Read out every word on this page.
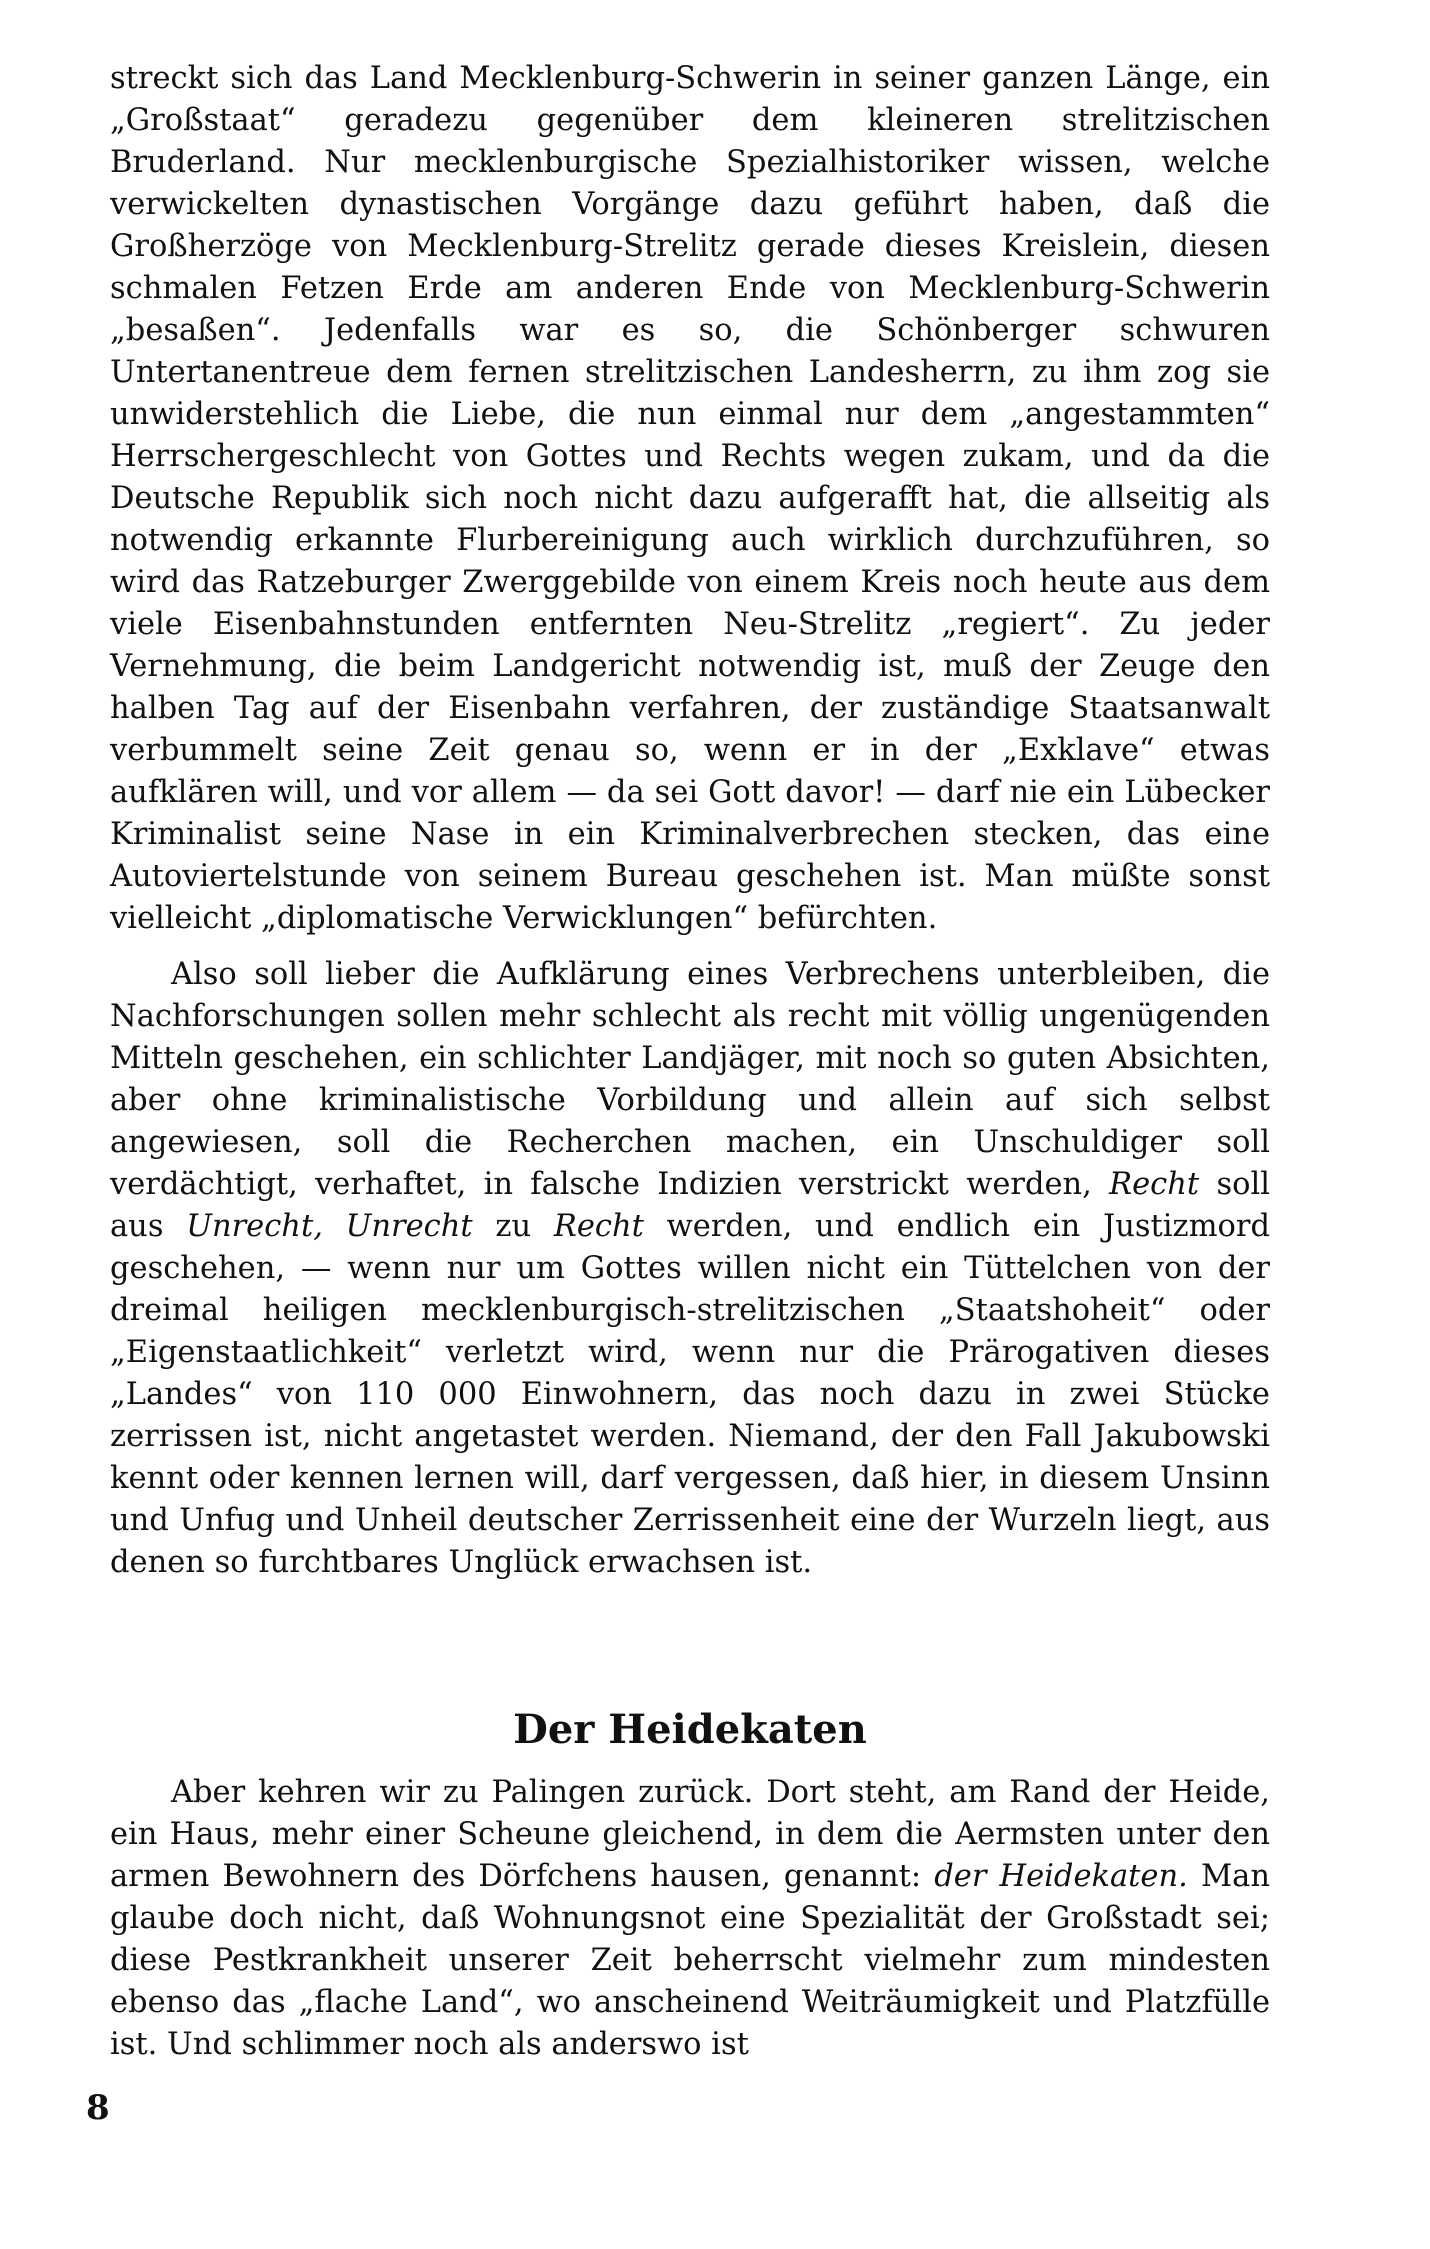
streckt sich das Land Mecklenburg-Schwerin in seiner ganzen Länge, ein „Großstaat“ geradezu gegenüber dem kleineren strelitzischen Bruderland. Nur mecklenburgische Spezialhistoriker wissen, welche verwickelten dynastischen Vorgänge dazu geführt haben, daß die Großherzöge von Mecklenburg-Strelitz gerade dieses Kreislein, diesen schmalen Fetzen Erde am anderen Ende von Mecklenburg-Schwerin „besaßen“. Jedenfalls war es so, die Schönberger schwuren Untertanentreue dem fernen strelitzischen Landesherrn, zu ihm zog sie unwiderstehlich die Liebe, die nun einmal nur dem „angestammten“ Herrschergeschlecht von Gottes und Rechts wegen zukam, und da die Deutsche Republik sich noch nicht dazu aufgerafft hat, die allseitig als notwendig erkannte Flurbereinigung auch wirklich durchzuführen, so wird das Ratzeburger Zwerggebilde von einem Kreis noch heute aus dem viele Eisenbahnstunden entfernten Neu-Strelitz „regiert“. Zu jeder Vernehmung, die beim Landgericht notwendig ist, muß der Zeuge den halben Tag auf der Eisenbahn verfahren, der zuständige Staatsanwalt verbummelt seine Zeit genau so, wenn er in der „Exklave“ etwas aufklären will, und vor allem — da sei Gott davor! — darf nie ein Lübecker Kriminalist seine Nase in ein Kriminalverbrechen stecken, das eine Autoviertelstunde von seinem Bureau geschehen ist. Man müßte sonst vielleicht „diplomatische Verwicklungen“ befürchten.

Also soll lieber die Aufklärung eines Verbrechens unterbleiben, die Nachforschungen sollen mehr schlecht als recht mit völlig ungenügenden Mitteln geschehen, ein schlichter Landjäger, mit noch so guten Absichten, aber ohne kriminalistische Vorbildung und allein auf sich selbst angewiesen, soll die Recherchen machen, ein Unschuldiger soll verdächtigt, verhaftet, in falsche Indizien verstrickt werden, Recht soll aus Unrecht, Unrecht zu Recht werden, und endlich ein Justizmord geschehen, — wenn nur um Gottes willen nicht ein Tüttelchen von der dreimal heiligen mecklenburgisch-strelitzischen „Staatshoheit“ oder „Eigenstaatlichkeit“ verletzt wird, wenn nur die Prärogativen dieses „Landes“ von 110 000 Einwohnern, das noch dazu in zwei Stücke zerrissen ist, nicht angetastet werden. Niemand, der den Fall Jakubowski kennt oder kennen lernen will, darf vergessen, daß hier, in diesem Unsinn und Unfug und Unheil deutscher Zerrissenheit eine der Wurzeln liegt, aus denen so furchtbares Unglück erwachsen ist.

Der Heidekaten

Aber kehren wir zu Palingen zurück. Dort steht, am Rand der Heide, ein Haus, mehr einer Scheune gleichend, in dem die Aermsten unter den armen Bewohnern des Dörfchens hausen, genannt: der Heidekaten. Man glaube doch nicht, daß Wohnungsnot eine Spezialität der Großstadt sei; diese Pestkrankheit unserer Zeit beherrscht vielmehr zum mindesten ebenso das „flache Land“, wo anscheinend Weiträumigkeit und Platzfülle ist. Und schlimmer noch als anderswo ist

8
